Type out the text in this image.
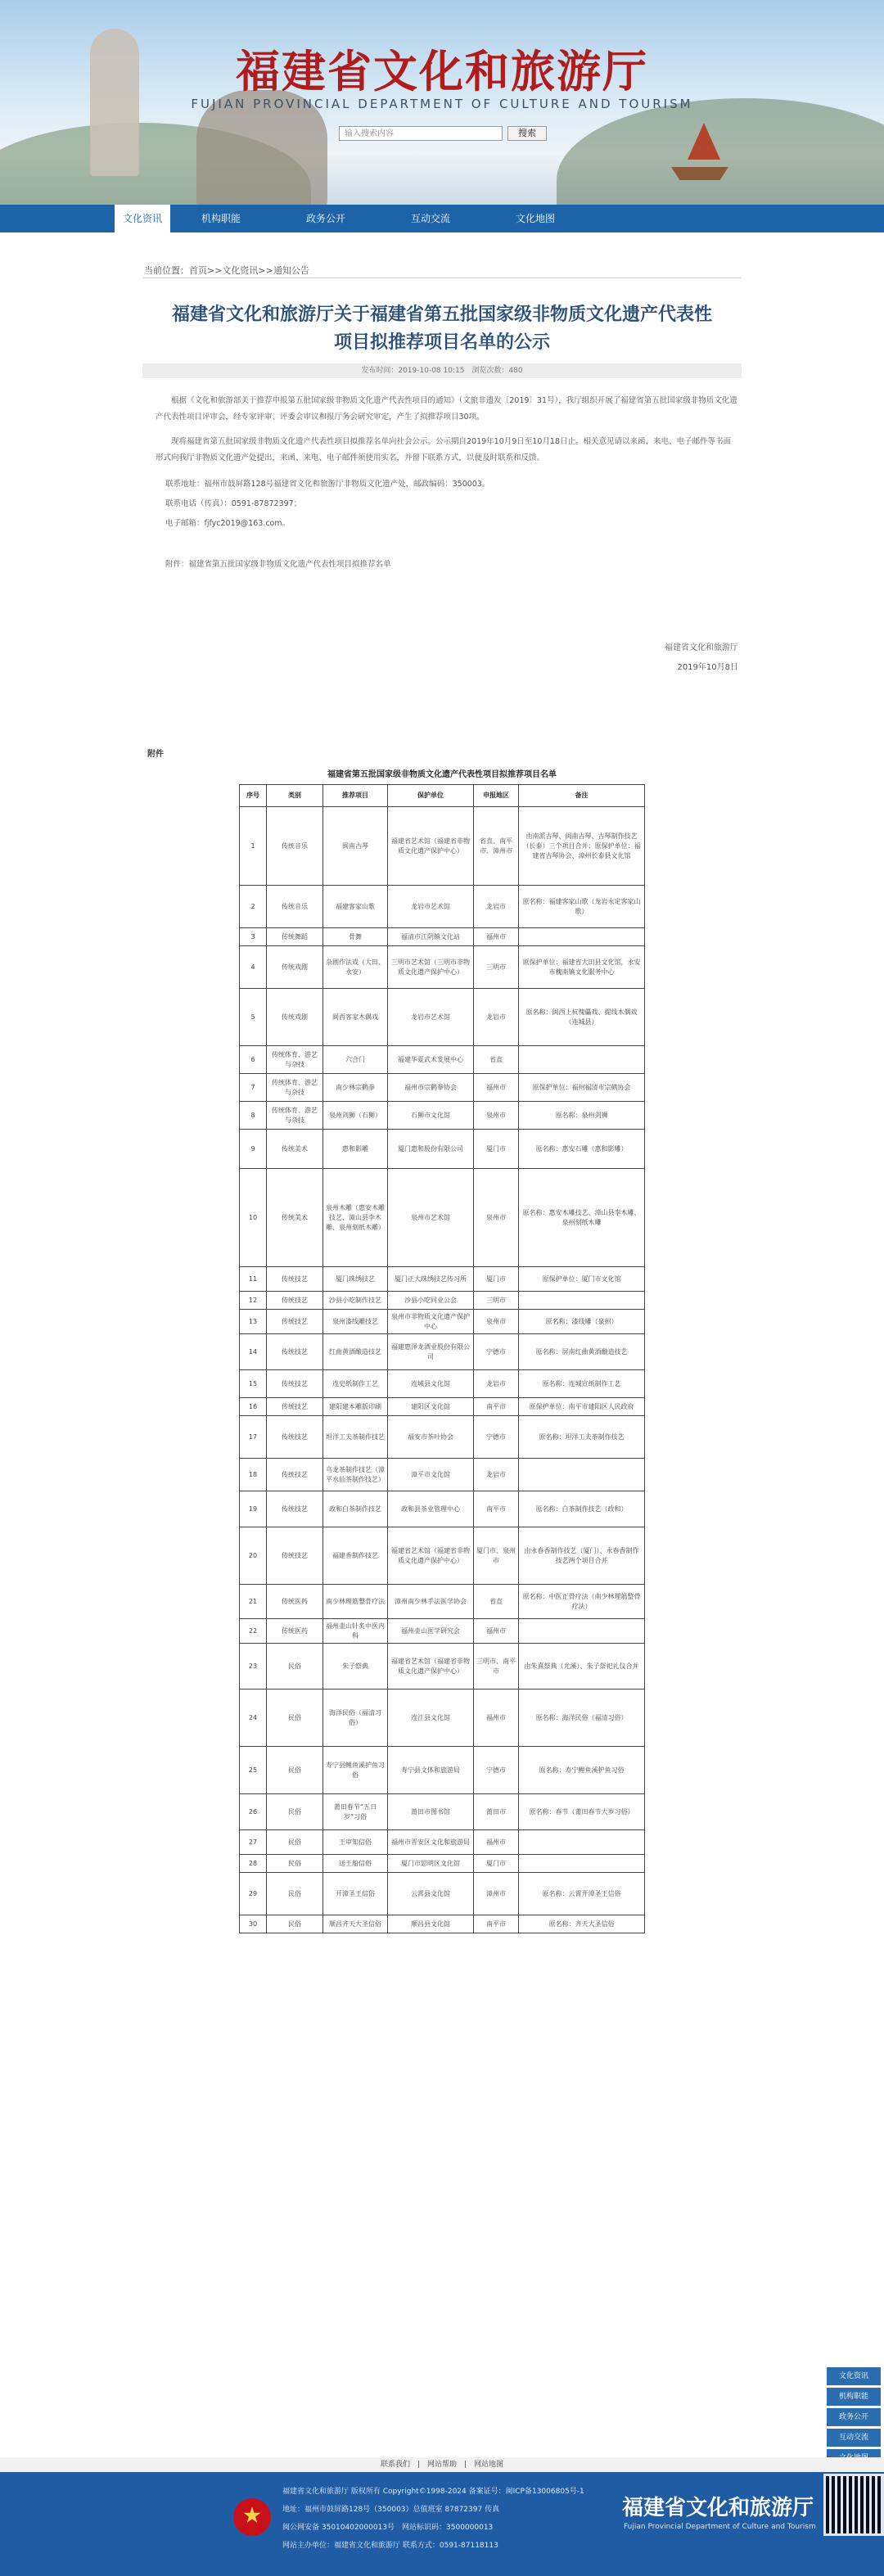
福建省文化和旅游厅
FUJIAN PROVINCIAL DEPARTMENT OF CULTURE AND TOURISM
输入搜索内容	搜索
文化资讯	机构职能	政务公开	互动交流	文化地图
当前位置：首页>>文化资讯>>通知公告
福建省文化和旅游厅关于福建省第五批国家级非物质文化遗产代表性
项目拟推荐项目名单的公示
发布时间：2019-10-08 10:15　浏览次数：480
根据《文化和旅游部关于推荐申报第五批国家级非物质文化遗产代表性项目的通知》（文旅非遗发〔2019〕31号），我厅组织开展了福建省第五批国家级非物质文化遗产代表性项目评审会，经专家评审、评委会审议和报厅务会研究审定，产生了拟推荐项目30项。
现将福建省第五批国家级非物质文化遗产代表性项目拟推荐名单向社会公示。公示期自2019年10月9日至10月18日止。相关意见请以来函、来电、电子邮件等书面形式向我厅非物质文化遗产处提出，来函、来电、电子邮件须使用实名，并留下联系方式，以便及时联系和反馈。
联系地址：福州市鼓屏路128号福建省文化和旅游厅非物质文化遗产处，邮政编码：350003。
联系电话（传真）：0591-87872397；
电子邮箱：fjfyc2019@163.com。
附件：福建省第五批国家级非物质文化遗产代表性项目拟推荐名单
福建省文化和旅游厅
2019年10月8日
附件
福建省第五批国家级非物质文化遗产代表性项目拟推荐项目名单
序号	类别	推荐项目	保护单位	申报地区	备注
1	传统音乐	闽南古琴	福建省艺术馆（福建省非物质文化遗产保护中心）	省直、南平市、漳州市	由南派古琴、闽南古琴、古琴制作技艺（长泰）三个项目合并；原保护单位：福建省古琴协会、漳州长泰县文化馆
2	传统音乐	福建客家山歌	龙岩市艺术馆	龙岩市	原名称：福建客家山歌（龙岩永定客家山歌）
3	传统舞蹈	骨舞	福清市江阴镇文化站	福州市	
4	传统戏剧	杂剧作法戏（大田、永安）	三明市艺术馆（三明市非物质文化遗产保护中心）	三明市	原保护单位：福建省大田县文化馆，永安市槐南镇文化服务中心
5	传统戏剧	闽西客家木偶戏	龙岩市艺术馆	龙岩市	原名称：闽西上杭傀儡戏、提线木偶戏（连城县）
6	传统体育、游艺与杂技	六合门	福建华夏武术发展中心	省直	
7	传统体育、游艺与杂技	南少林宗鹤拳	福州市宗鹤拳协会	福州市	原保护单位：福州福清市宗鹤协会
8	传统体育、游艺与杂技	泉州剑狮（石狮）	石狮市文化馆	泉州市	原名称：泉州剑狮
9	传统美术	惠和影雕	厦门惠和股份有限公司	厦门市	原名称：惠安石雕（惠和影雕）
10	传统美术	泉州木雕（惠安木雕技艺、漳山县李木雕、泉州刻纸木雕）	泉州市艺术馆	泉州市	原名称：惠安木雕技艺、漳山县李木雕、泉州刻纸木雕
11	传统技艺	厦门珠绣技艺	厦门正大珠绣技艺传习所	厦门市	原保护单位：厦门市文化馆
12	传统技艺	沙县小吃制作技艺	沙县小吃同业公会	三明市	
13	传统技艺	泉州漆线雕技艺	泉州市非物质文化遗产保护中心	泉州市	原名称：漆线雕（泉州）
14	传统技艺	红曲黄酒酿造技艺	福建惠泽龙酒业股份有限公司	宁德市	原名称：屏南红曲黄酒酿造技艺
15	传统技艺	连史纸制作工艺	连城县文化馆	龙岩市	原名称：连城宣纸制作工艺
16	传统技艺	建阳建本雕版印刷	建阳区文化馆	南平市	原保护单位：南平市建阳区人民政府
17	传统技艺	坦洋工夫茶制作技艺	福安市茶叶协会	宁德市	原名称：坦洋工夫茶制作技艺
18	传统技艺	乌龙茶制作技艺（漳平水仙茶制作技艺）	漳平市文化馆	龙岩市	
19	传统技艺	政和白茶制作技艺	政和县茶业管理中心	南平市	原名称：白茶制作技艺（政和）
20	传统技艺	福建香制作技艺	福建省艺术馆（福建省非物质文化遗产保护中心）	厦门市、泉州市	由永春香制作技艺（厦门）、永春香制作技艺两个项目合并
21	传统医药	南少林理筋整骨疗法	漳州南少林手法医学协会	省直	原名称：中医正骨疗法（南少林理筋整骨疗法）
22	传统医药	福州壶山针炙中医内科	福州壶山医学研究会	福州市	
23	民俗	朱子祭典	福建省艺术馆（福建省非物质文化遗产保护中心）	三明市、南平市	由朱熹祭典（尤溪）、朱子祭祀礼仪合并
24	民俗	海洋民俗（福清习俗）	连江县文化馆	福州市	原名称：海洋民俗（福清习俗）
25	民俗	寿宁县鲤鱼溪护鱼习俗	寿宁县文体和旅游局	宁德市	原名称：寿宁鲤鱼溪护鱼习俗
26	民俗	莆田春节“五日岁”习俗	莆田市图书馆	莆田市	原名称：春节（莆田春节大岁习俗）
27	民俗	王审知信俗	福州市晋安区文化和旅游局	福州市	
28	民俗	送王船信俗	厦门市思明区文化馆	厦门市	
29	民俗	开漳圣王信俗	云霄县文化馆	漳州市	原名称：云霄开漳圣王信俗
30	民俗	顺昌齐天大圣信俗	顺昌县文化馆	南平市	原名称：齐天大圣信俗
文化资讯
机构职能
政务公开
互动交流
联系我们　|　网站帮助　|　网站地图
福建省文化和旅游厅 版权所有 Copyright©1998-2024 备案证号：闽ICP备13006805号-1
地址：福州市鼓屏路128号（350003）总值班室 87872397 传真
闽公网安备 35010402000013号　网站标识码：3500000013
网站主办单位：福建省文化和旅游厅 联系方式：0591-87118113
福建省文化和旅游厅
Fujian Provincial Department of Culture and Tourism
